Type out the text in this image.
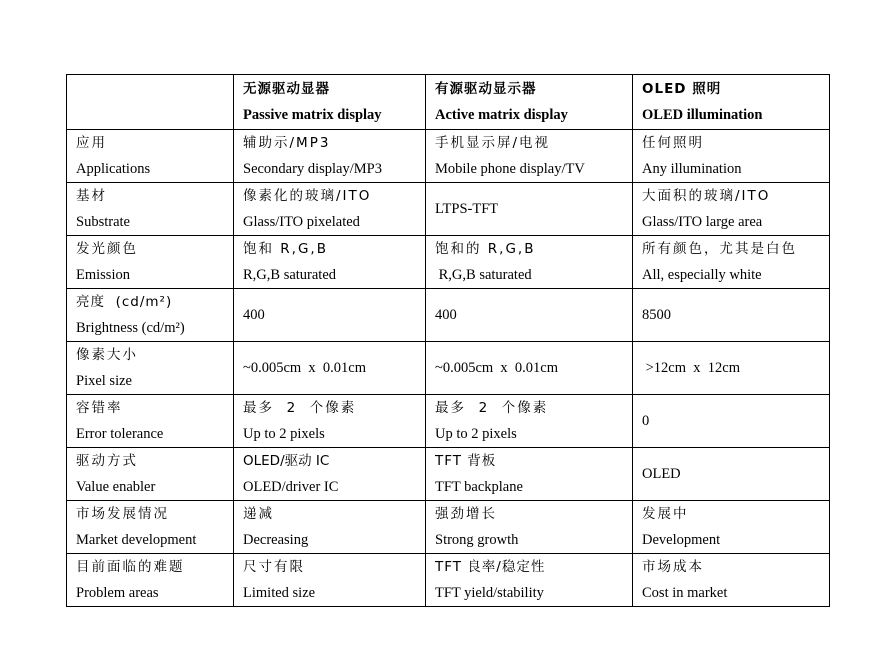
	无源驱动显器
Passive matrix display	有源驱动显示器
Active matrix display	OLED 照明
OLED illumination

应用
Applications	辅助示/MP3
Secondary display/MP3	手机显示屏/电视
Mobile phone display/TV	任何照明
Any illumination

基材
Substrate	像素化的玻璃/ITO
Glass/ITO pixelated	LTPS-TFT	大面积的玻璃/ITO
Glass/ITO large area

发光颜色
Emission	饱和 R,G,B
R,G,B saturated	饱和的 R,G,B
R,G,B saturated	所有颜色，尤其是白色
All, especially white

亮度  (cd/m²)
Brightness (cd/m²)	400	400	8500

像素大小
Pixel size	~0.005cm  x  0.01cm	~0.005cm  x  0.01cm	>12cm  x  12cm

容错率
Error tolerance	最多  2  个像素
Up to 2 pixels	最多  2  个像素
Up to 2 pixels	0

驱动方式
Value enabler	OLED/驱动 IC
OLED/driver IC	TFT 背板
TFT backplane	OLED

市场发展情况
Market development	递减
Decreasing	强劲增长
Strong growth	发展中
Development

目前面临的难题
Problem areas	尺寸有限
Limited size	TFT 良率/稳定性
TFT yield/stability	市场成本
Cost in market
